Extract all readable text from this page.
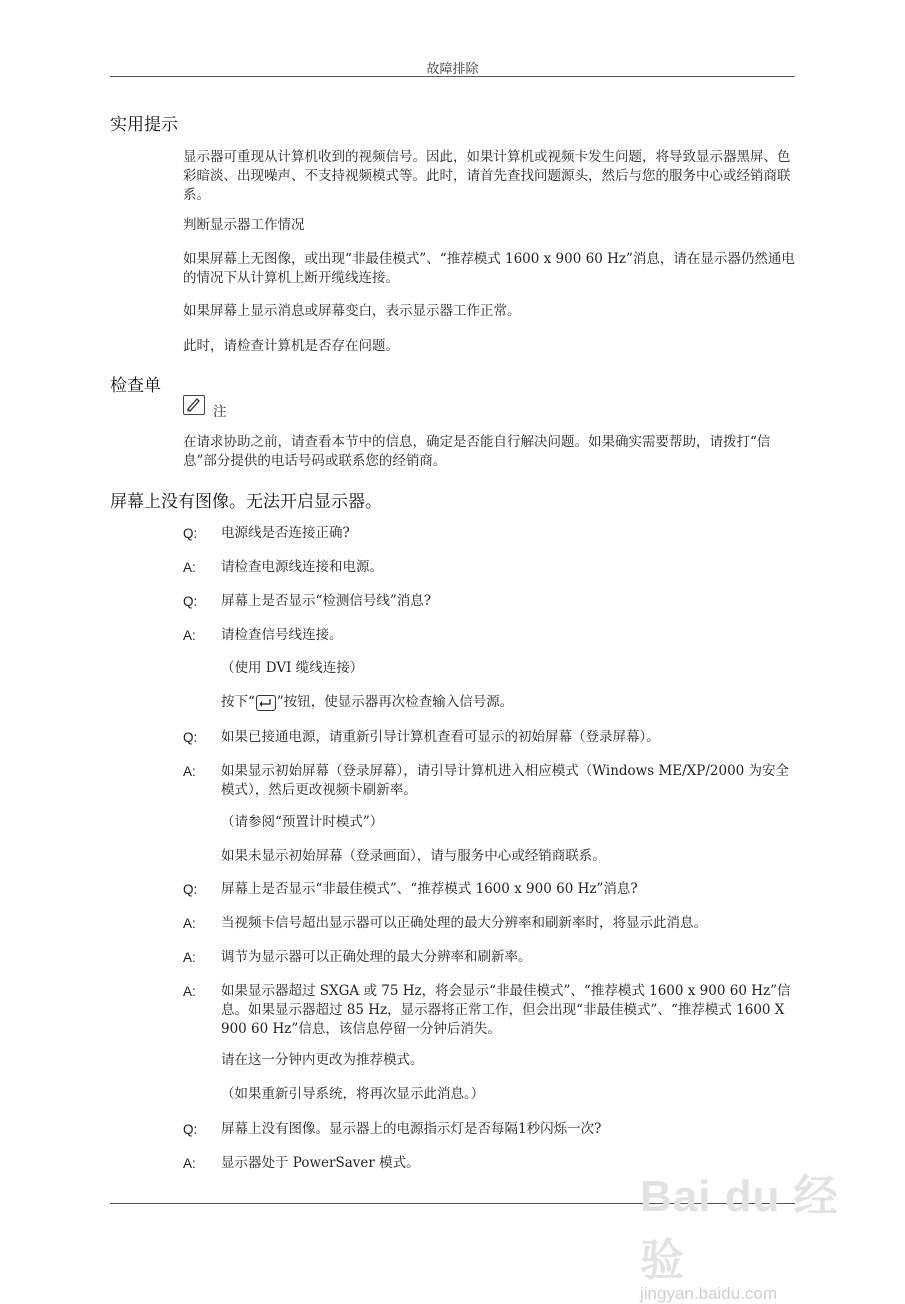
故障排除
实用提示
显示器可重现从计算机收到的视频信号。因此，如果计算机或视频卡发生问题，将导致显示器黑屏、色彩暗淡、出现噪声、不支持视频模式等。此时，请首先查找问题源头，然后与您的服务中心或经销商联系。
判断显示器工作情况
如果屏幕上无图像，或出现“非最佳模式”、“推荐模式 1600 x 900 60 Hz”消息，请在显示器仍然通电的情况下从计算机上断开缆线连接。
如果屏幕上显示消息或屏幕变白，表示显示器工作正常。
此时，请检查计算机是否存在问题。
检查单
注
在请求协助之前，请查看本节中的信息，确定是否能自行解决问题。如果确实需要帮助，请拨打“信息”部分提供的电话号码或联系您的经销商。
屏幕上没有图像。无法开启显示器。
Q: 电源线是否连接正确?
A: 请检查电源线连接和电源。
Q: 屏幕上是否显示“检测信号线”消息?
A: 请检查信号线连接。
（使用 DVI 缆线连接）
按下“ ”按钮，使显示器再次检查输入信号源。
Q: 如果已接通电源，请重新引导计算机查看可显示的初始屏幕（登录屏幕）。
A: 如果显示初始屏幕（登录屏幕），请引导计算机进入相应模式（Windows ME/XP/2000 为安全模式），然后更改视频卡刷新率。
（请参阅“预置计时模式”）
如果未显示初始屏幕（登录画面），请与服务中心或经销商联系。
Q: 屏幕上是否显示“非最佳模式”、“推荐模式 1600 x 900 60 Hz”消息?
A: 当视频卡信号超出显示器可以正确处理的最大分辨率和刷新率时，将显示此消息。
A: 调节为显示器可以正确处理的最大分辨率和刷新率。
A: 如果显示器超过 SXGA 或 75 Hz，将会显示“非最佳模式”、“推荐模式 1600 x 900 60 Hz”信息。如果显示器超过 85 Hz，显示器将正常工作，但会出现“非最佳模式”、“推荐模式 1600 X 900 60 Hz”信息，该信息停留一分钟后消失。
请在这一分钟内更改为推荐模式。
（如果重新引导系统，将再次显示此消息。）
Q: 屏幕上没有图像。显示器上的电源指示灯是否每隔1秒闪烁一次?
A: 显示器处于 PowerSaver 模式。
Bai du 经验
jingyan.baidu.com
